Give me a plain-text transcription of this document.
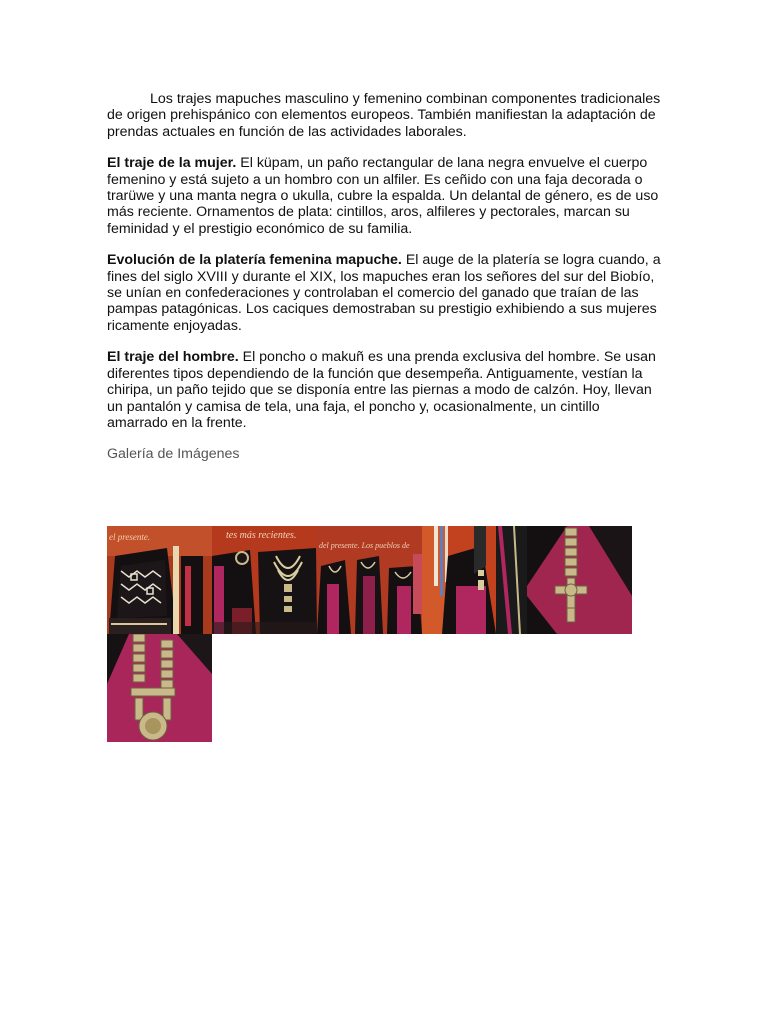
Los trajes mapuches masculino y femenino combinan componentes tradicionales de origen prehispánico con elementos europeos. También manifiestan la adaptación de prendas actuales en función de las actividades laborales.

El traje de la mujer. El küpam, un paño rectangular de lana negra envuelve el cuerpo femenino y está sujeto a un hombro con un alfiler. Es ceñido con una faja decorada o trarüwe y una manta negra o ukulla, cubre la espalda. Un delantal de género, es de uso más reciente. Ornamentos de plata: cintillos, aros, alfileres y pectorales, marcan su feminidad y el prestigio económico de su familia.

Evolución de la platería femenina mapuche. El auge de la platería se logra cuando, a fines del siglo XVIII y durante el XIX, los mapuches eran los señores del sur del Biobío, se unían en confederaciones y controlaban el comercio del ganado que traían de las pampas patagónicas. Los caciques demostraban su prestigio exhibiendo a sus mujeres ricamente enjoyadas.

El traje del hombre. El poncho o makuñ es una prenda exclusiva del hombre. Se usan diferentes tipos dependiendo de la función que desempeña. Antiguamente, vestían la chiripa, un paño tejido que se disponía entre las piernas a modo de calzón. Hoy, llevan un pantalón y camisa de tela, una faja, el poncho y, ocasionalmente, un cintillo amarrado en la frente.

Galería de Imágenes
el presente.	tes más recientes.
del presente. Los pueblos de
